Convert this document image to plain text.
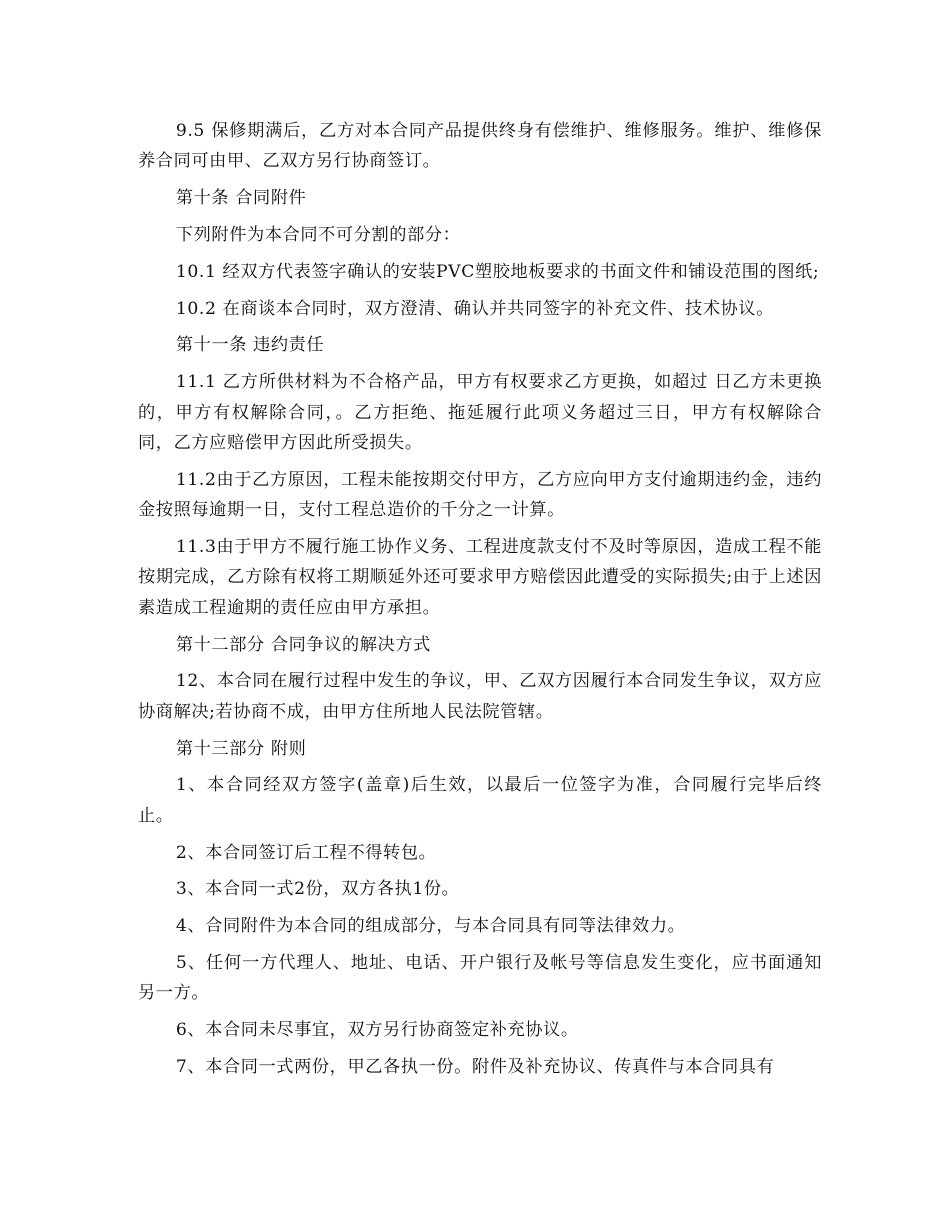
9.5 保修期满后，乙方对本合同产品提供终身有偿维护、维修服务。维护、维修保养合同可由甲、乙双方另行协商签订。

第十条 合同附件

下列附件为本合同不可分割的部分：

10.1 经双方代表签字确认的安装PVC塑胶地板要求的书面文件和铺设范围的图纸;

10.2 在商谈本合同时，双方澄清、确认并共同签字的补充文件、技术协议。

第十一条 违约责任

11.1 乙方所供材料为不合格产品，甲方有权要求乙方更换，如超过 日乙方未更换的，甲方有权解除合同，。乙方拒绝、拖延履行此项义务超过三日，甲方有权解除合同，乙方应赔偿甲方因此所受损失。

11.2由于乙方原因，工程未能按期交付甲方，乙方应向甲方支付逾期违约金，违约金按照每逾期一日，支付工程总造价的千分之一计算。

11.3由于甲方不履行施工协作义务、工程进度款支付不及时等原因，造成工程不能按期完成，乙方除有权将工期顺延外还可要求甲方赔偿因此遭受的实际损失;由于上述因素造成工程逾期的责任应由甲方承担。

第十二部分 合同争议的解决方式

12、本合同在履行过程中发生的争议，甲、乙双方因履行本合同发生争议，双方应协商解决;若协商不成，由甲方住所地人民法院管辖。

第十三部分 附则

1、本合同经双方签字(盖章)后生效，以最后一位签字为准，合同履行完毕后终止。

2、本合同签订后工程不得转包。

3、本合同一式2份，双方各执1份。

4、合同附件为本合同的组成部分，与本合同具有同等法律效力。

5、任何一方代理人、地址、电话、开户银行及帐号等信息发生变化，应书面通知另一方。

6、本合同未尽事宜，双方另行协商签定补充协议。

7、本合同一式两份，甲乙各执一份。附件及补充协议、传真件与本合同具有
